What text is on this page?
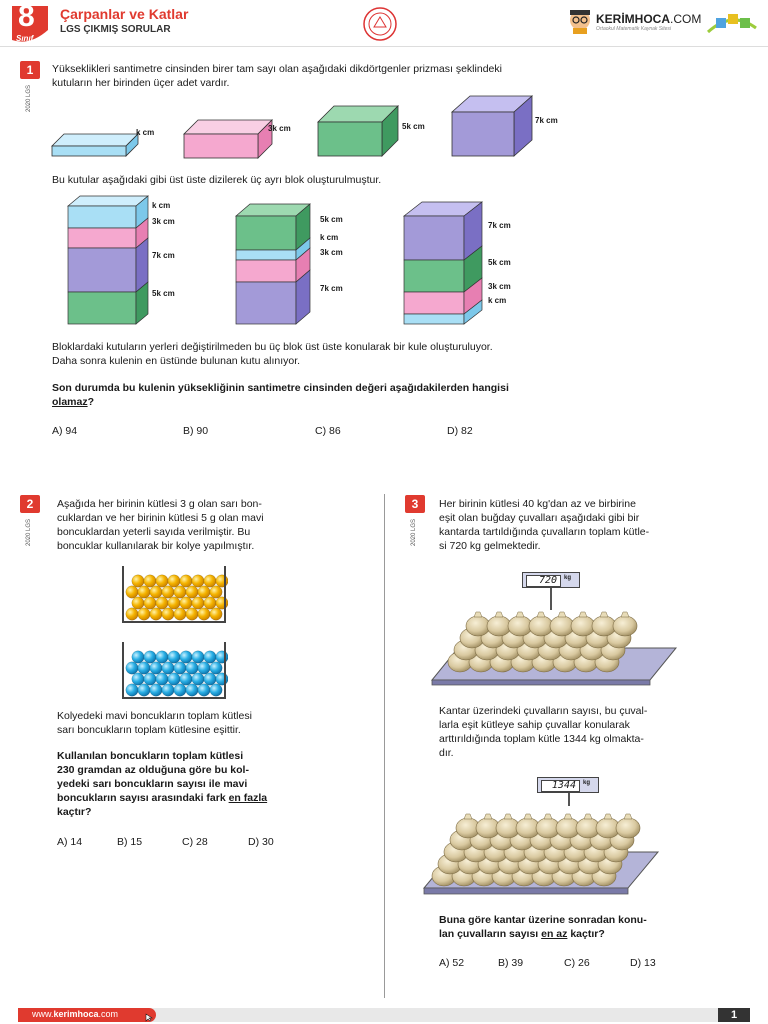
8
Sınıf
Çarpanlar ve Katlar
LGS ÇIKMIŞ SORULAR
KERİMHOCA.COM
Ortaokul Matematik Kaynak Sitesi
1
2020 LGS
Yükseklikleri santimetre cinsinden birer tam sayı olan aşağıdaki dikdörtgenler prizması şeklindeki
kutuların her birinden üçer adet vardır.
k cm	3k cm	5k cm
7k cm
Bu kutular aşağıdaki gibi üst üste dizilerek üç ayrı blok oluşturulmuştur.
k cm
3k cm
7k cm
5k cm
5k cm
k cm
3k cm
7k cm
7k cm
5k cm
3k cm
k cm
Bloklardaki kutuların yerleri değiştirilmeden bu üç blok üst üste konularak bir kule oluşturuluyor.
Daha sonra kulenin en üstünde bulunan kutu alınıyor.
Son durumda bu kulenin yüksekliğinin santimetre cinsinden değeri aşağıdakilerden hangisi
olamaz?
A) 94	B) 90	C) 86	D) 82
2
2020 LGS
Aşağıda her birinin kütlesi 3 g olan sarı bon-
cuklardan ve her birinin kütlesi 5 g olan mavi
boncuklardan yeterli sayıda verilmiştir. Bu
boncuklar kullanılarak bir kolye yapılmıştır.
Kolyedeki mavi boncukların toplam kütlesi
sarı boncukların toplam kütlesine eşittir.
Kullanılan boncukların toplam kütlesi
230 gramdan az olduğuna göre bu kol-
yedeki sarı boncukların sayısı ile mavi
boncukların sayısı arasındaki fark en fazla
kaçtır?
A) 14	B) 15	C) 28	D) 30
3
2020 LGS
Her birinin kütlesi 40 kg'dan az ve birbirine
eşit olan buğday çuvalları aşağıdaki gibi bir
kantarda tartıldığında çuvalların toplam kütle-
si 720 kg gelmektedir.
720 kg
Kantar üzerindeki çuvalların sayısı, bu çuval-
larla eşit kütleye sahip çuvallar konularak
arttırıldığında toplam kütle 1344 kg olmakta-
dır.
1344 kg
Buna göre kantar üzerine sonradan konu-
lan çuvalların sayısı en az kaçtır?
A) 52	B) 39	C) 26	D) 13
www.kerimhoca.com	1
